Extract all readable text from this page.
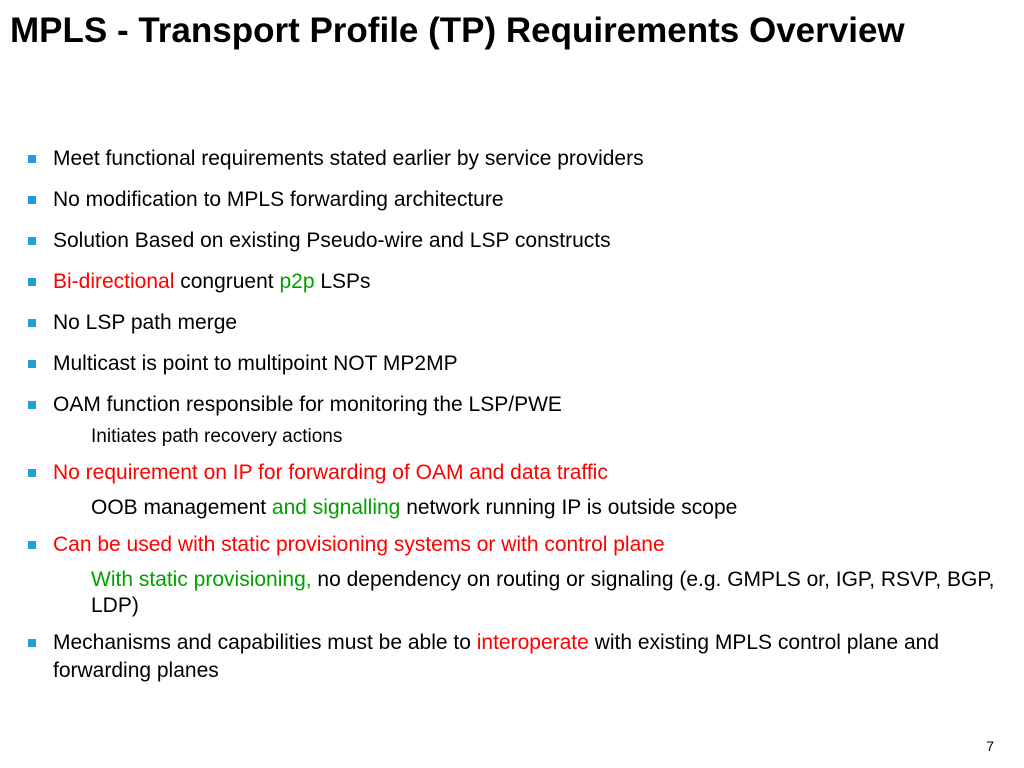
MPLS - Transport Profile (TP) Requirements Overview
Meet functional requirements stated earlier by service providers
No modification to MPLS forwarding architecture
Solution Based on existing Pseudo-wire and LSP constructs
Bi-directional congruent p2p LSPs
No LSP path merge
Multicast is point to multipoint NOT MP2MP
OAM function responsible for monitoring the LSP/PWE
Initiates path recovery actions
No requirement on IP for forwarding of OAM and data traffic
OOB management and signalling network running IP is outside scope
Can be used with static provisioning systems or with control plane
With static provisioning, no dependency on routing or signaling (e.g. GMPLS or, IGP, RSVP, BGP, LDP)
Mechanisms and capabilities must be able to interoperate with existing MPLS control plane and forwarding planes
7
